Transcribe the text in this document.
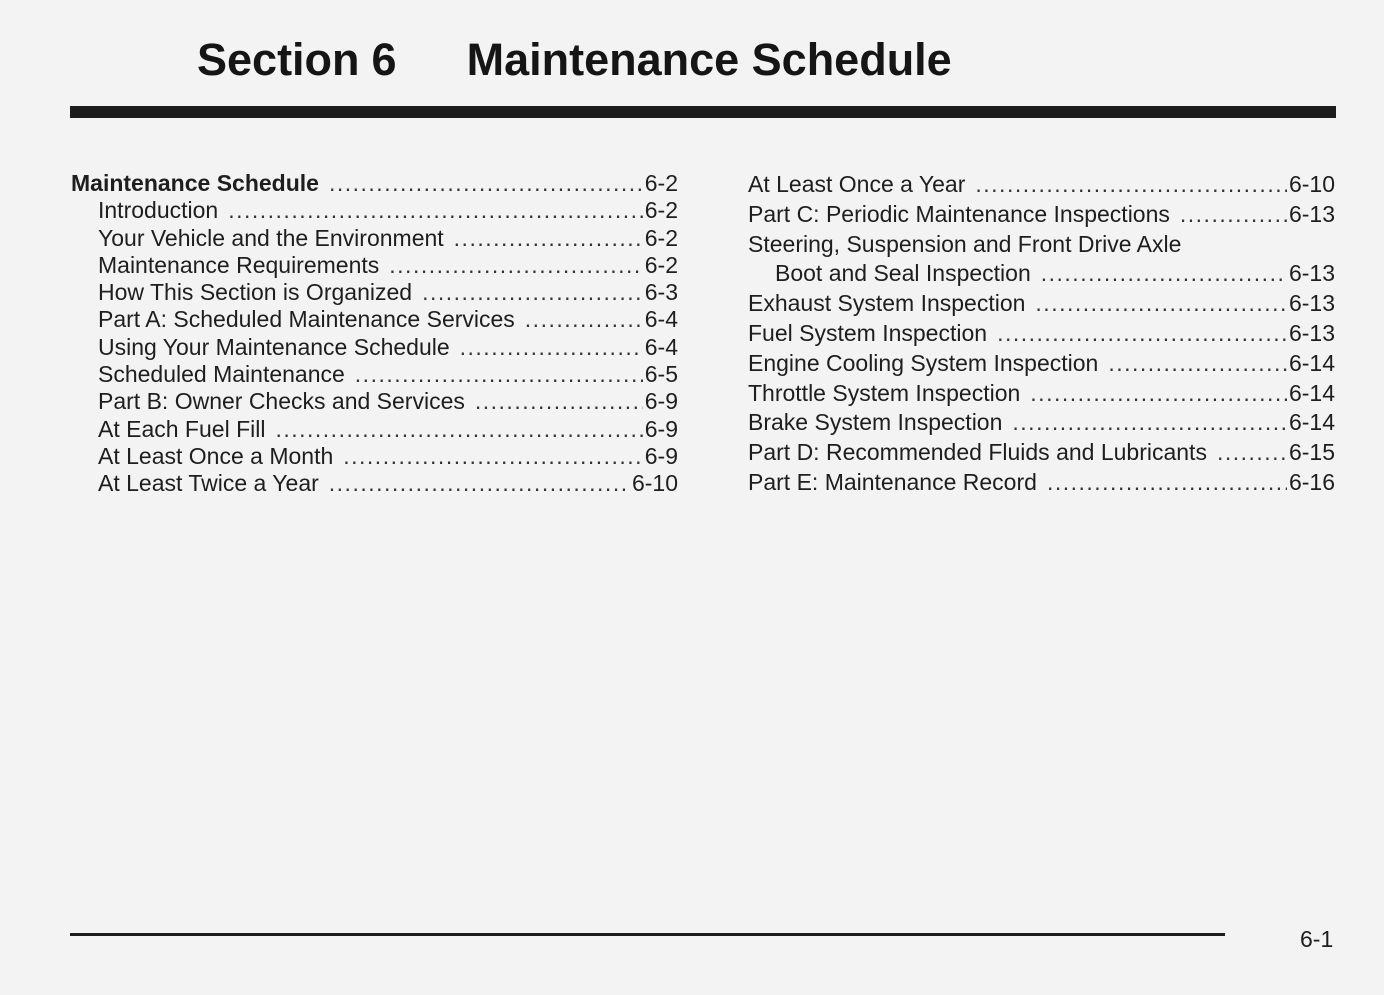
Section 6 Maintenance Schedule
Maintenance Schedule .....	6-2
Introduction .....	6-2
Your Vehicle and the Environment .....	6-2
Maintenance Requirements .....	6-2
How This Section is Organized .....	6-3
Part A: Scheduled Maintenance Services .....	6-4
Using Your Maintenance Schedule .....	6-4
Scheduled Maintenance .....	6-5
Part B: Owner Checks and Services .....	6-9
At Each Fuel Fill .....	6-9
At Least Once a Month .....	6-9
At Least Twice a Year .....	6-10
At Least Once a Year .....	6-10
Part C: Periodic Maintenance Inspections .....	6-13
Steering, Suspension and Front Drive Axle
Boot and Seal Inspection .....	6-13
Exhaust System Inspection .....	6-13
Fuel System Inspection .....	6-13
Engine Cooling System Inspection .....	6-14
Throttle System Inspection .....	6-14
Brake System Inspection .....	6-14
Part D: Recommended Fluids and Lubricants .....	6-15
Part E: Maintenance Record .....	6-16
6-1
